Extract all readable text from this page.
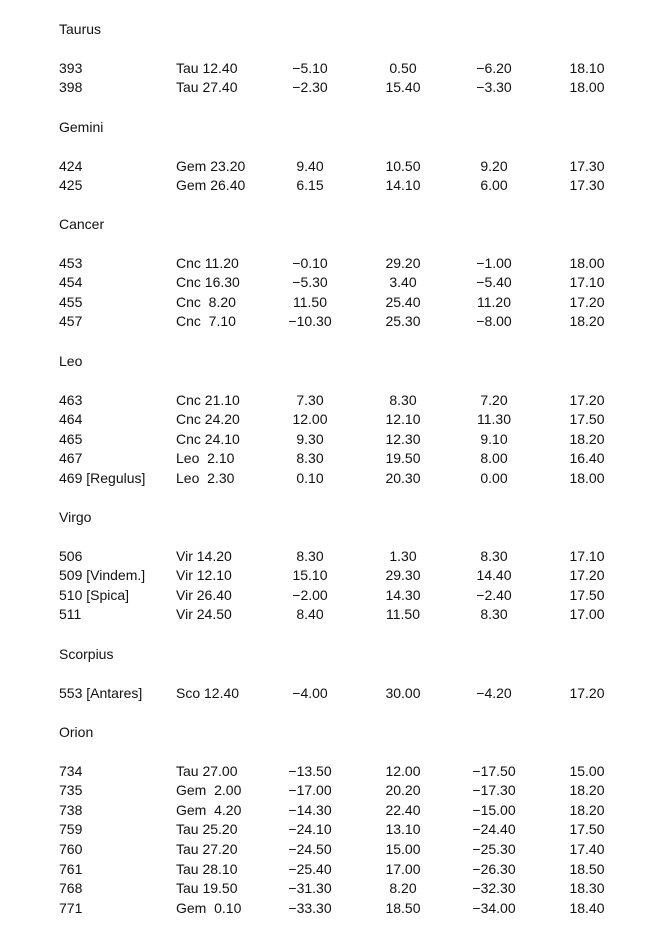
Taurus
393	Tau 12.40	−5.10	0.50	−6.20	18.10
398	Tau 27.40	−2.30	15.40	−3.30	18.00
Gemini
424	Gem 23.20	9.40	10.50	9.20	17.30
425	Gem 26.40	6.15	14.10	6.00	17.30
Cancer
453	Cnc 11.20	−0.10	29.20	−1.00	18.00
454	Cnc 16.30	−5.30	3.40	−5.40	17.10
455	Cnc  8.20	11.50	25.40	11.20	17.20
457	Cnc  7.10	−10.30	25.30	−8.00	18.20
Leo
463	Cnc 21.10	7.30	8.30	7.20	17.20
464	Cnc 24.20	12.00	12.10	11.30	17.50
465	Cnc 24.10	9.30	12.30	9.10	18.20
467	Leo  2.10	8.30	19.50	8.00	16.40
469 [Regulus] Leo  2.30	0.10	20.30	0.00	18.00
Virgo
506	Vir 14.20	8.30	1.30	8.30	17.10
509 [Vindem.] Vir 12.10	15.10	29.30	14.40	17.20
510 [Spica]	Vir 26.40	−2.00	14.30	−2.40	17.50
511	Vir 24.50	8.40	11.50	8.30	17.00
Scorpius
553 [Antares] Sco 12.40	−4.00	30.00	−4.20	17.20
Orion
734	Tau 27.00	−13.50	12.00	−17.50	15.00
735	Gem  2.00	−17.00	20.20	−17.30	18.20
738	Gem  4.20	−14.30	22.40	−15.00	18.20
759	Tau 25.20	−24.10	13.10	−24.40	17.50
760	Tau 27.20	−24.50	15.00	−25.30	17.40
761	Tau 28.10	−25.40	17.00	−26.30	18.50
768	Tau 19.50	−31.30	8.20	−32.30	18.30
771	Gem  0.10	−33.30	18.50	−34.00	18.40
